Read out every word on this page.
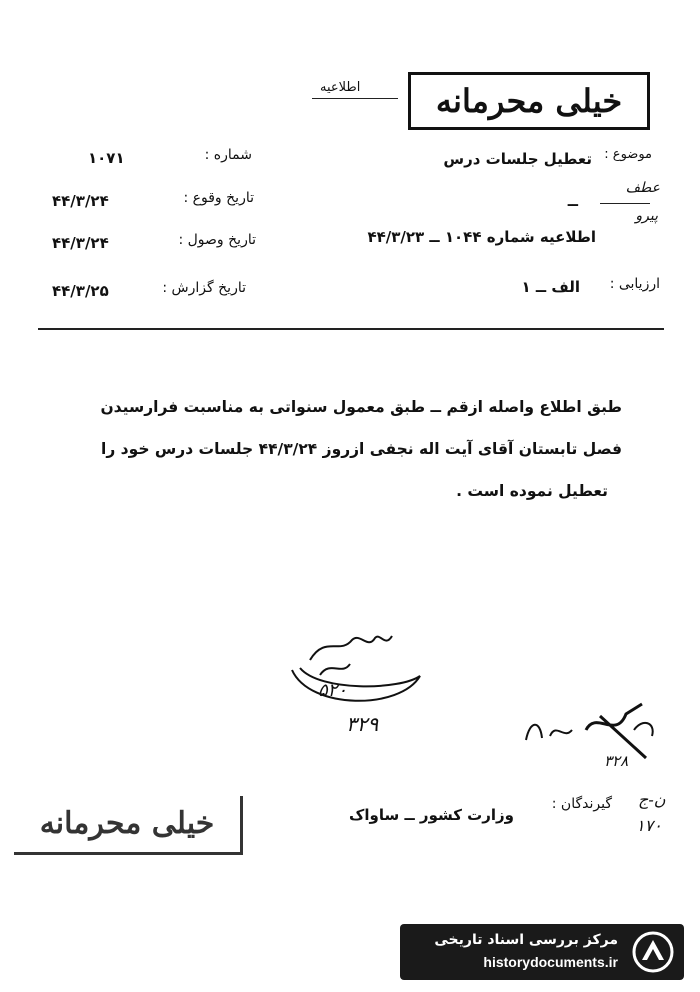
خیلی محرمانه
اطلاعیه
موضوع :
تعطیل جلسات درس
عطف
پیرو
ــ
اطلاعیه شماره ۱۰۴۴ ــ ۴۴/۳/۲۳
ارزیابی :
الف ــ ۱
شماره :
۱۰۷۱
تاریخ وقوع :
۴۴/۳/۲۴
تاریخ وصول :
۴۴/۳/۲۴
تاریخ گزارش :
۴۴/۳/۲۵
طبق اطلاع واصله ازقم ــ طبق معمول سنواتی به مناسبت فرارسیدن
فصل تابستان آقای آیت اله نجفی ازروز ۴۴/۳/۲۴ جلسات درس خود را
تعطیل نموده است .
۵۲۰
۳۲۹
۳۲۸
گیرندگان :
وزارت کشور ــ ساواک
ن-ج
۱۷۰
خیلی محرمانه
مرکز بررسی اسناد تاریخی
historydocuments.ir
